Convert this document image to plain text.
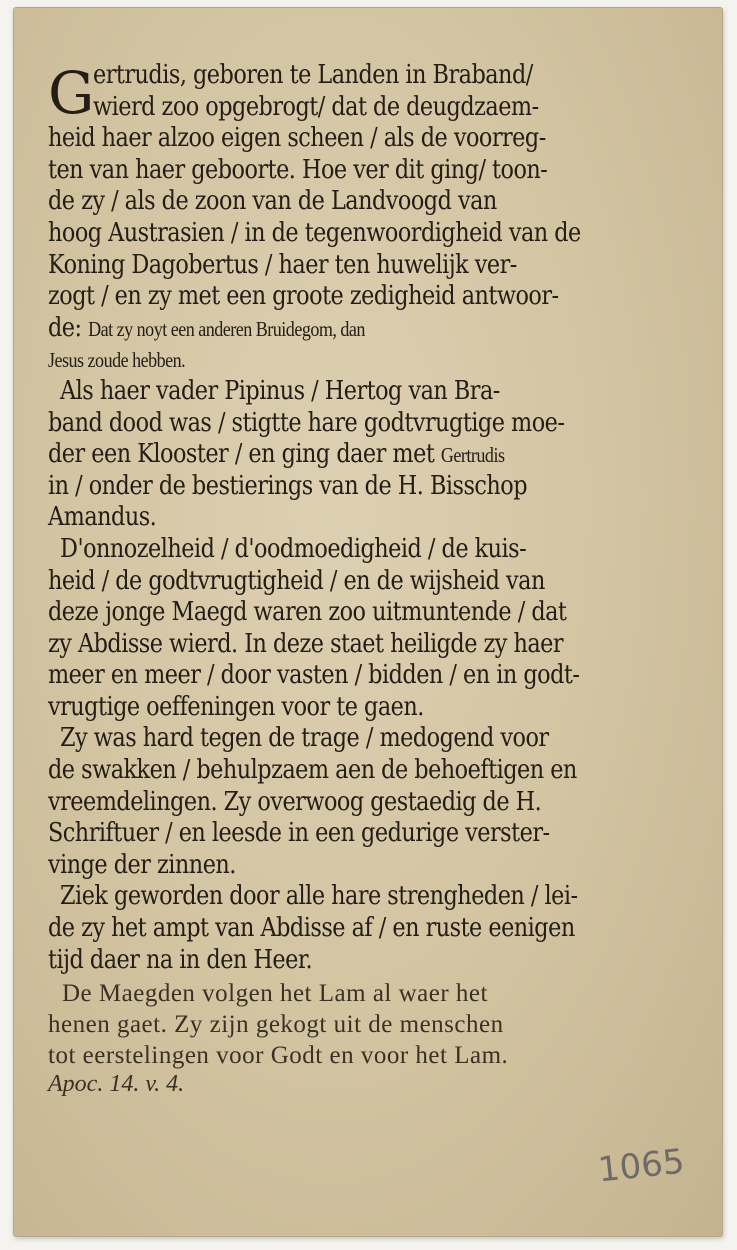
G
ertrudis, geboren te Landen in Braband/
wierd zoo opgebrogt/ dat de deugdzaem-
heid haer alzoo eigen scheen / als de voorreg-
ten van haer geboorte. Hoe ver dit ging/ toon-
de zy / als de zoon van de Landvoogd van
hoog Austrasien / in de tegenwoordigheid van de
Koning Dagobertus / haer ten huwelijk ver-
zogt / en zy met een groote zedigheid antwoor-
de: Dat zy noyt een anderen Bruidegom, dan
Jesus zoude hebben.
Als haer vader Pipinus / Hertog van Bra-
band dood was / stigtte hare godtvrugtige moe-
der een Klooster / en ging daer met Gertrudis
in / onder de bestierings van de H. Bisschop
Amandus.
D'onnozelheid / d'oodmoedigheid / de kuis-
heid / de godtvrugtigheid / en de wijsheid van
deze jonge Maegd waren zoo uitmuntende / dat
zy Abdisse wierd. In deze staet heiligde zy haer
meer en meer / door vasten / bidden / en in godt-
vrugtige oeffeningen voor te gaen.
Zy was hard tegen de trage / medogend voor
de swakken / behulpzaem aen de behoeftigen en
vreemdelingen. Zy overwoog gestaedig de H.
Schriftuer / en leesde in een gedurige verster-
vinge der zinnen.
Ziek geworden door alle hare strengheden / lei-
de zy het ampt van Abdisse af / en ruste eenigen
tijd daer na in den Heer.
De Maegden volgen het Lam al waer het
henen gaet. Zy zijn gekogt uit de menschen
tot eerstelingen voor Godt en voor het Lam.
Apoc. 14. v. 4.
1065
